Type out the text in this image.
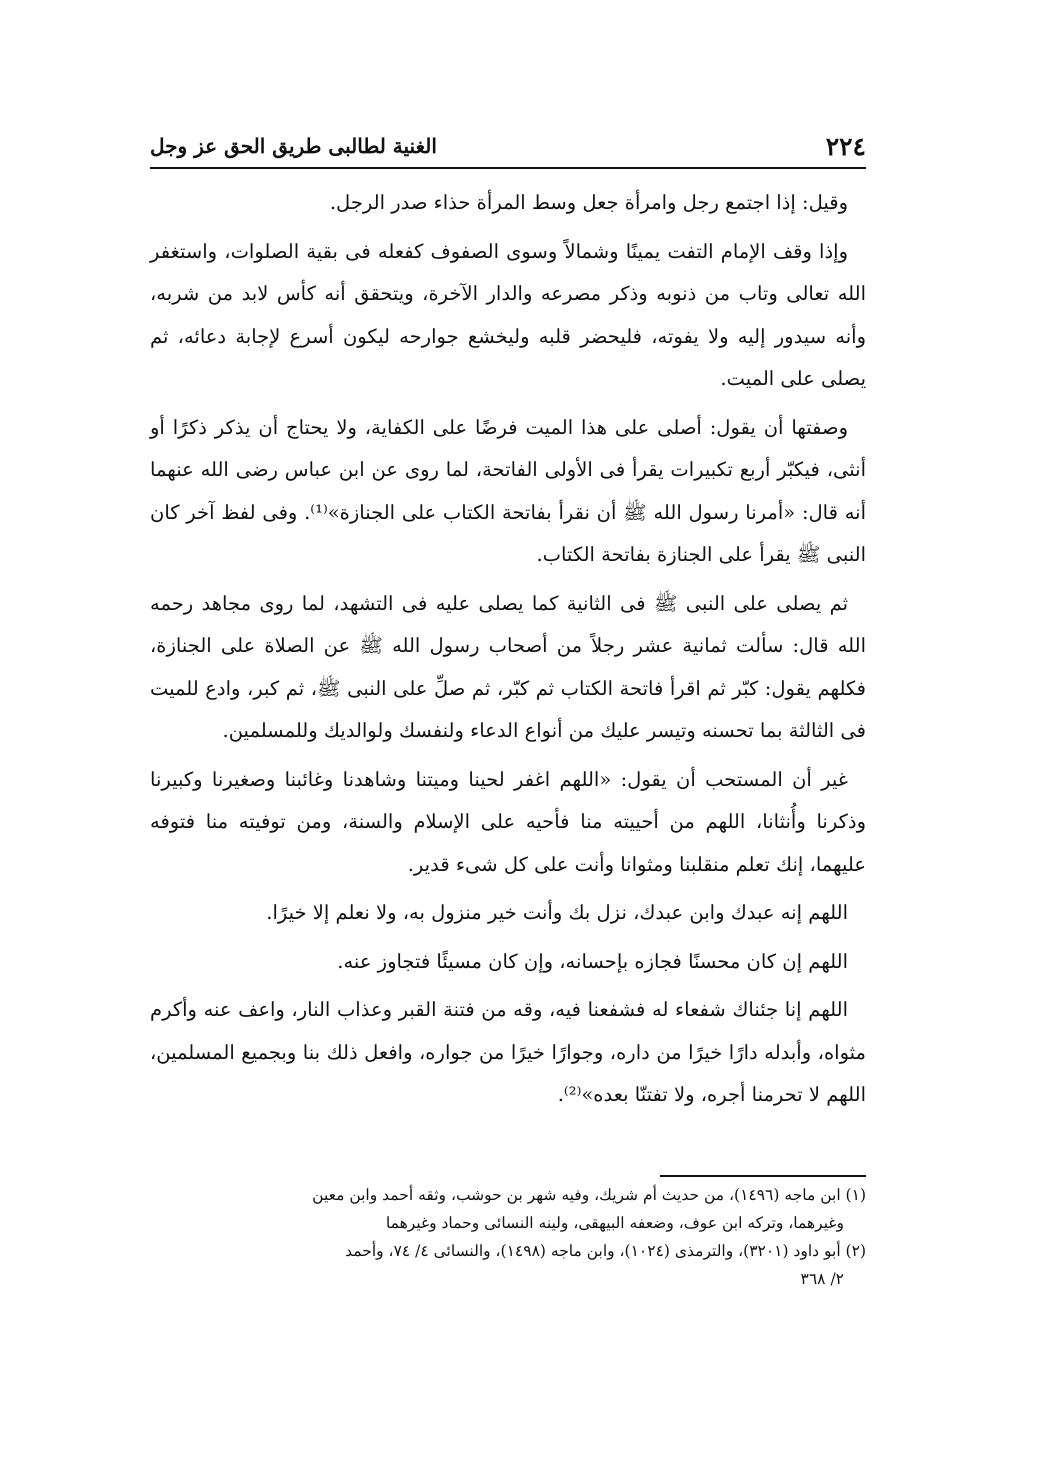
٢٢٤
الغنية لطالبى طريق الحق عز وجل

وقيل: إذا اجتمع رجل وامرأة جعل وسط المرأة حذاء صدر الرجل.

وإذا وقف الإمام التفت يمينًا وشمالاً وسوى الصفوف كفعله فى بقية الصلوات، واستغفر الله تعالى وتاب من ذنوبه وذكر مصرعه والدار الآخرة، ويتحقق أنه كأس لابد من شربه، وأنه سيدور إليه ولا يفوته، فليحضر قلبه وليخشع جوارحه ليكون أسرع لإجابة دعائه، ثم يصلى على الميت.

وصفتها أن يقول: أصلى على هذا الميت فرضًا على الكفاية، ولا يحتاج أن يذكر ذكرًا أو أنثى، فيكبّر أربع تكبيرات يقرأ فى الأولى الفاتحة، لما روى عن ابن عباس رضى الله عنهما أنه قال: «أمرنا رسول الله ﷺ أن نقرأ بفاتحة الكتاب على الجنازة»⁽¹⁾. وفى لفظ آخر كان النبى ﷺ يقرأ على الجنازة بفاتحة الكتاب.

ثم يصلى على النبى ﷺ فى الثانية كما يصلى عليه فى التشهد، لما روى مجاهد رحمه الله قال: سألت ثمانية عشر رجلاً من أصحاب رسول الله ﷺ عن الصلاة على الجنازة، فكلهم يقول: كبّر ثم اقرأ فاتحة الكتاب ثم كبّر، ثم صلِّ على النبى ﷺ، ثم كبر، وادع للميت فى الثالثة بما تحسنه وتيسر عليك من أنواع الدعاء ولنفسك ولوالديك وللمسلمين.

غير أن المستحب أن يقول: «اللهم اغفر لحينا وميتنا وشاهدنا وغائبنا وصغيرنا وكبيرنا وذكرنا وأُنثانا، اللهم من أحييته منا فأحيه على الإسلام والسنة، ومن توفيته منا فتوفه عليهما، إنك تعلم منقلبنا ومثوانا وأنت على كل شىء قدير.

اللهم إنه عبدك وابن عبدك، نزل بك وأنت خير منزول به، ولا نعلم إلا خيرًا.

اللهم إن كان محسنًا فجازه بإحسانه، وإن كان مسيئًا فتجاوز عنه.

اللهم إنا جئناك شفعاء له فشفعنا فيه، وقه من فتنة القبر وعذاب النار، واعف عنه وأكرم مثواه، وأبدله دارًا خيرًا من داره، وجوارًا خيرًا من جواره، وافعل ذلك بنا وبجميع المسلمين، اللهم لا تحرمنا أجره، ولا تفتنّا بعده»⁽²⁾.

(١) ابن ماجه (١٤٩٦)، من حديث أم شريك، وفيه شهر بن حوشب، وثقه أحمد وابن معين

وغيرهما، وتركه ابن عوف، وضعفه البيهقى، ولينه النسائى وحماد وغيرهما

(٢) أبو داود (٣٢٠١)، والترمذى (١٠٢٤)، وابن ماجه (١٤٩٨)، والنسائى ٤/ ٧٤، وأحمد

٢/ ٣٦٨
